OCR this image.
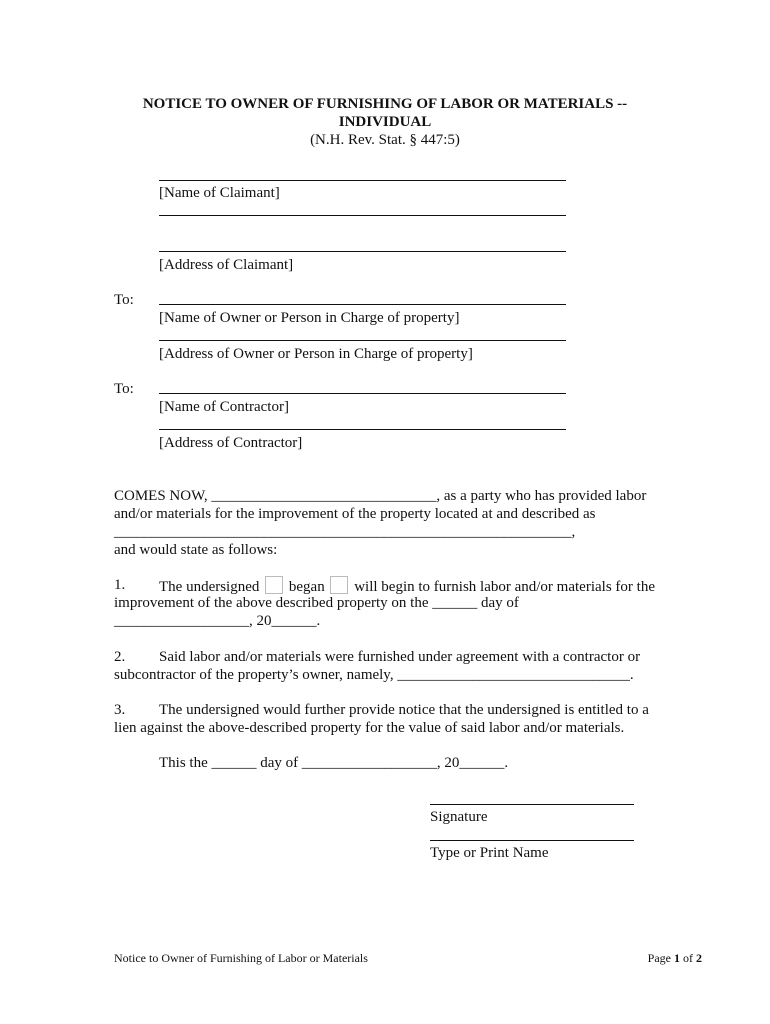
NOTICE TO OWNER OF FURNISHING OF LABOR OR MATERIALS --
INDIVIDUAL
(N.H. Rev. Stat. § 447:5)
[Name of Claimant]
[Address of Claimant]
To:
[Name of Owner or Person in Charge of property]
[Address of Owner or Person in Charge of property]
To:
[Name of Contractor]
[Address of Contractor]
COMES NOW, ______________________________, as a party who has provided labor
and/or materials for the improvement of the property located at and described as
_____________________________________________________________,
and would state as follows:
1. The undersigned began will begin to furnish labor and/or materials for the
improvement of the above described property on the ______ day of
__________________, 20______.
2. Said labor and/or materials were furnished under agreement with a contractor or
subcontractor of the property’s owner, namely, _______________________________.
3. The undersigned would further provide notice that the undersigned is entitled to a
lien against the above-described property for the value of said labor and/or materials.
This the ______ day of __________________, 20______.
Signature
Type or Print Name
Notice to Owner of Furnishing of Labor or Materials	Page 1 of 2
